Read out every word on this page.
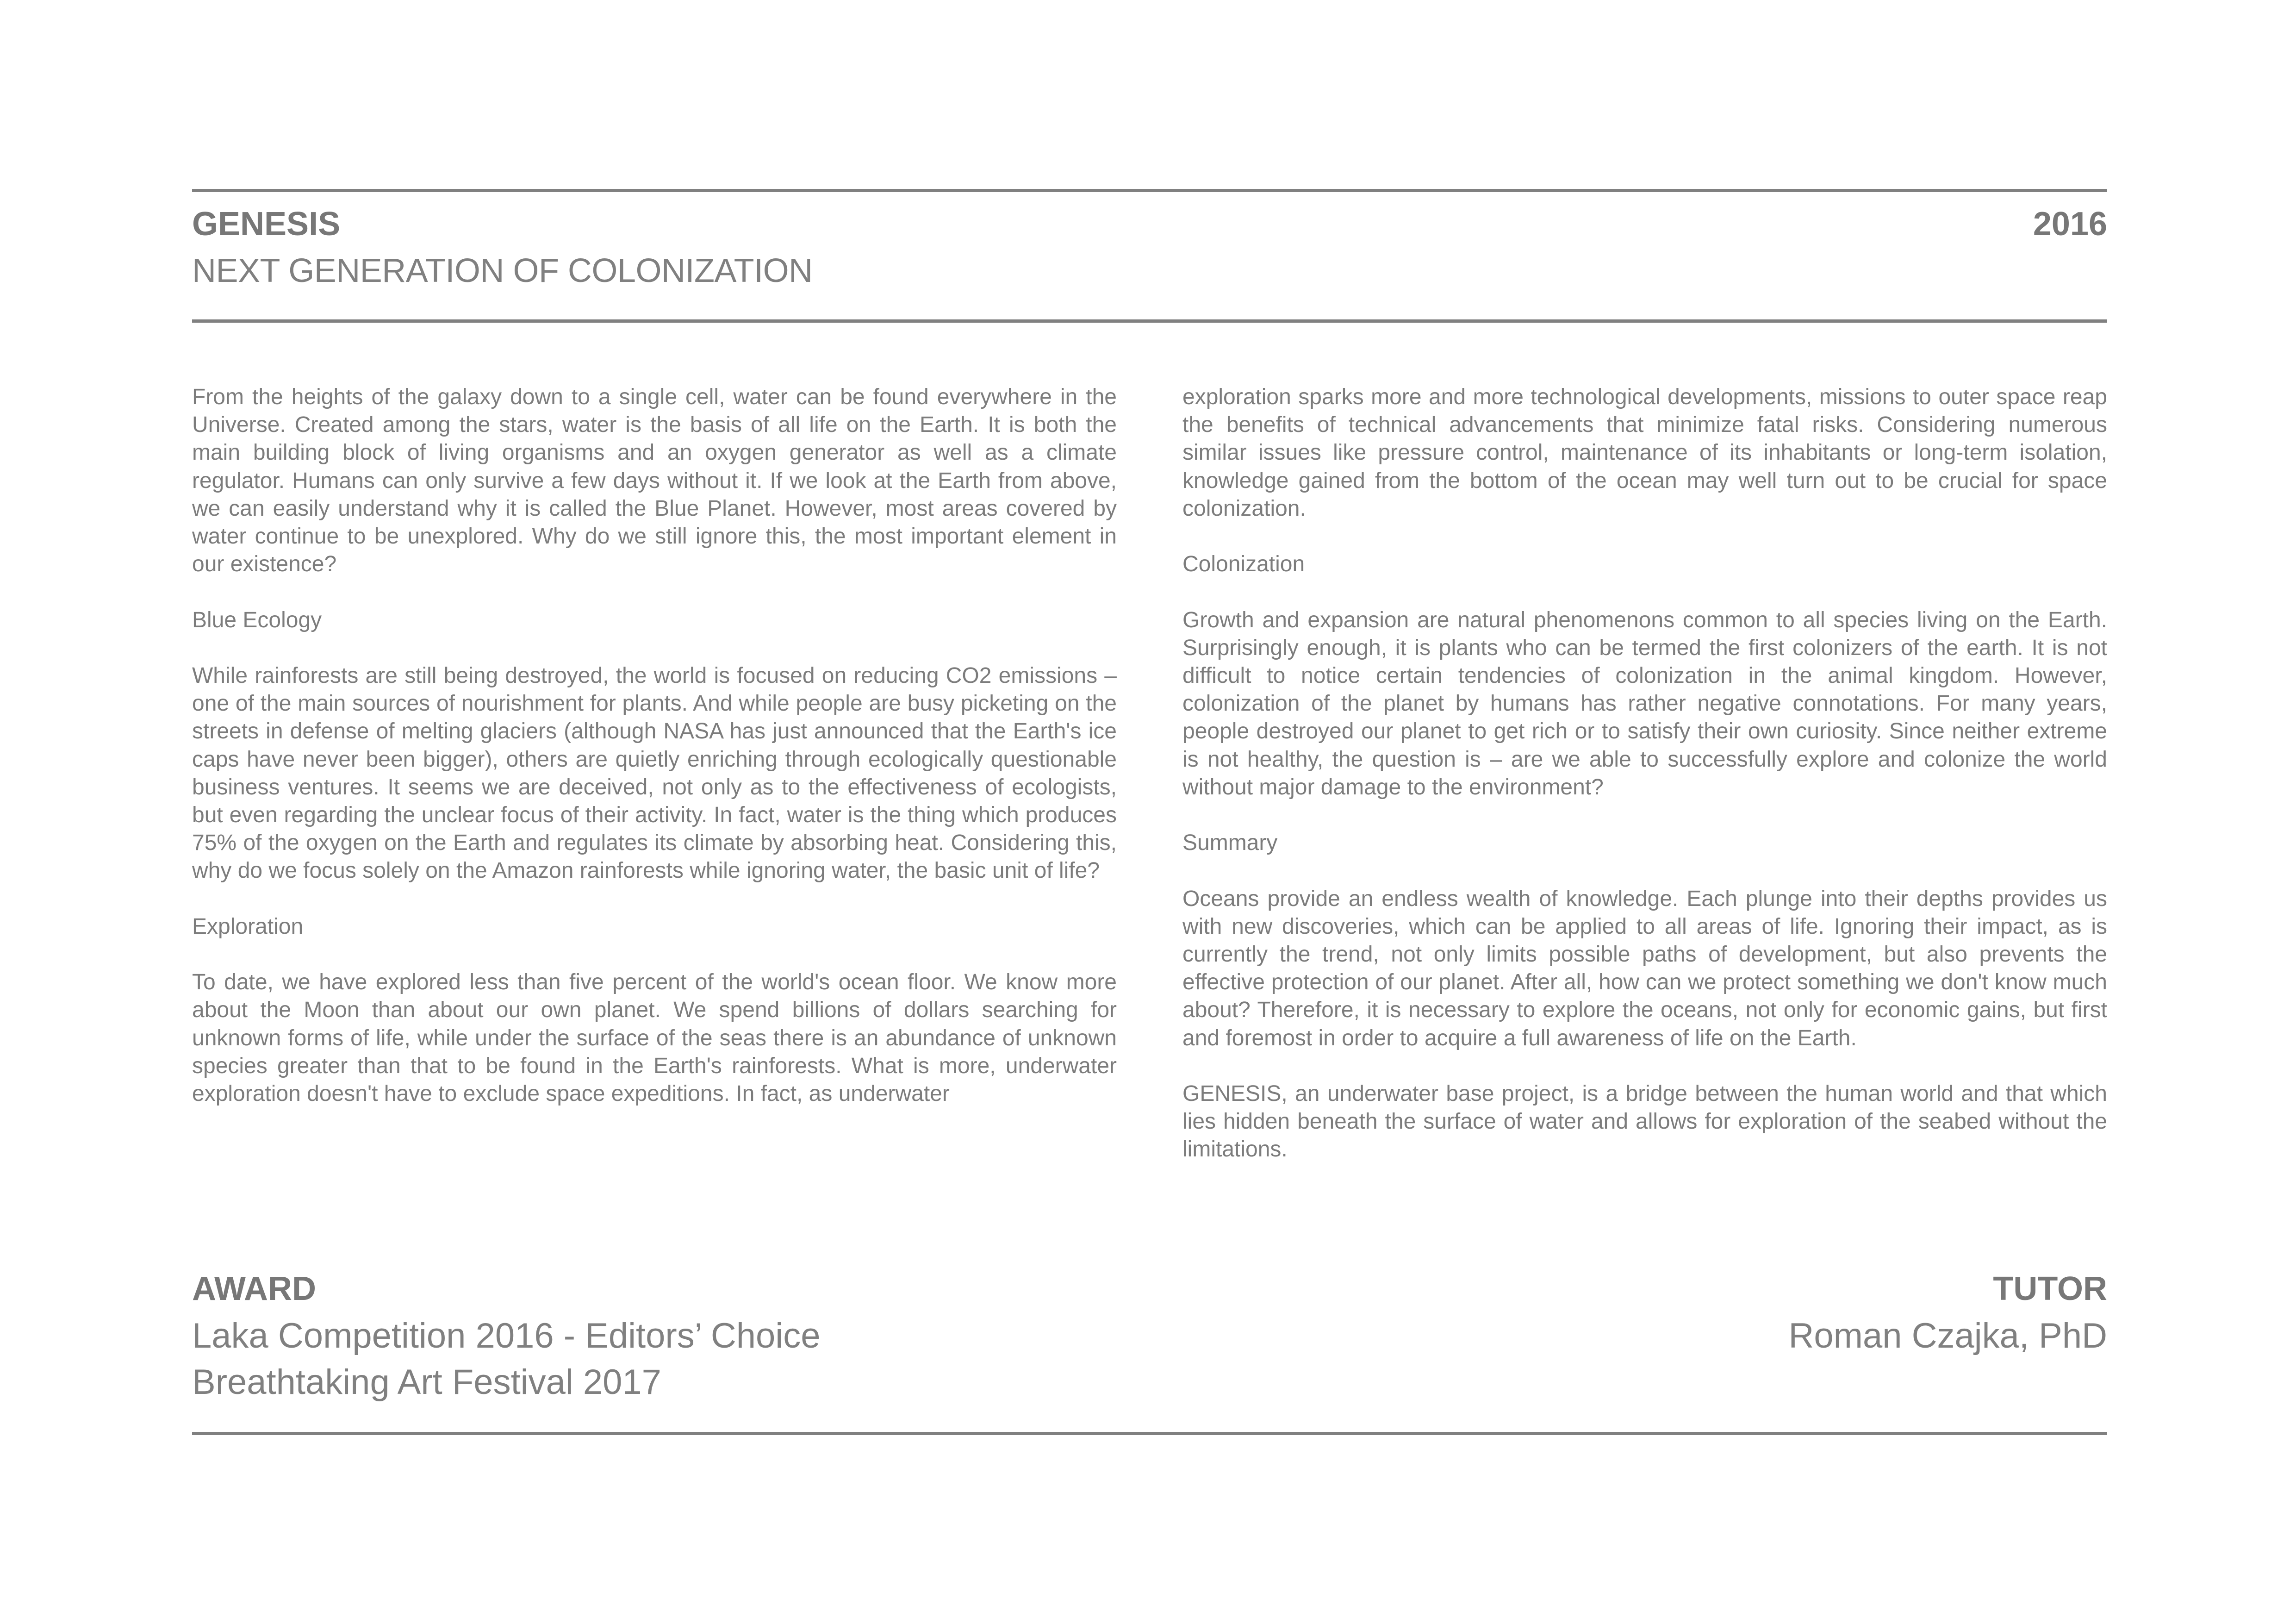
GENESIS	2016
NEXT GENERATION OF COLONIZATION

From the heights of the galaxy down to a single cell, water can be found everywhere in the Universe. Created among the stars, water is the basis of all life on the Earth. It is both the main building block of living organisms and an oxygen generator as well as a climate regulator. Humans can only survive a few days without it. If we look at the Earth from above, we can easily understand why it is called the Blue Planet. However, most areas covered by water continue to be unexplored. Why do we still ignore this, the most important element in our existence?

Blue Ecology

While rainforests are still being destroyed, the world is focused on reducing CO2 emissions – one of the main sources of nourishment for plants. And while people are busy picketing on the streets in defense of melting glaciers (although NASA has just announced that the Earth's ice caps have never been bigger), others are quietly enriching through ecologically questionable business ventures. It seems we are deceived, not only as to the effectiveness of ecologists, but even regarding the unclear focus of their activity. In fact, water is the thing which produces 75% of the oxygen on the Earth and regulates its climate by absorbing heat. Considering this, why do we focus solely on the Amazon rainforests while ignoring water, the basic unit of life?

Exploration

To date, we have explored less than five percent of the world's ocean floor. We know more about the Moon than about our own planet. We spend billions of dollars searching for unknown forms of life, while under the surface of the seas there is an abundance of unknown species greater than that to be found in the Earth's rainforests. What is more, underwater exploration doesn't have to exclude space expeditions. In fact, as underwater

exploration sparks more and more technological developments, missions to outer space reap the benefits of technical advancements that minimize fatal risks. Considering numerous similar issues like pressure control, maintenance of its inhabitants or long-term isolation, knowledge gained from the bottom of the ocean may well turn out to be crucial for space colonization.

Colonization

Growth and expansion are natural phenomenons common to all species living on the Earth. Surprisingly enough, it is plants who can be termed the first colonizers of the earth. It is not difficult to notice certain tendencies of colonization in the animal kingdom. However, colonization of the planet by humans has rather negative connotations. For many years, people destroyed our planet to get rich or to satisfy their own curiosity. Since neither extreme is not healthy, the question is – are we able to successfully explore and colonize the world without major damage to the environment?

Summary

Oceans provide an endless wealth of knowledge. Each plunge into their depths provides us with new discoveries, which can be applied to all areas of life. Ignoring their impact, as is currently the trend, not only limits possible paths of development, but also prevents the effective protection of our planet. After all, how can we protect something we don't know much about? Therefore, it is necessary to explore the oceans, not only for economic gains, but first and foremost in order to acquire a full awareness of life on the Earth.

GENESIS, an underwater base project, is a bridge between the human world and that which lies hidden beneath the surface of water and allows for exploration of the seabed without the limitations.

AWARD
Laka Competition 2016 - Editors’ Choice
Breathtaking Art Festival 2017
TUTOR
Roman Czajka, PhD
